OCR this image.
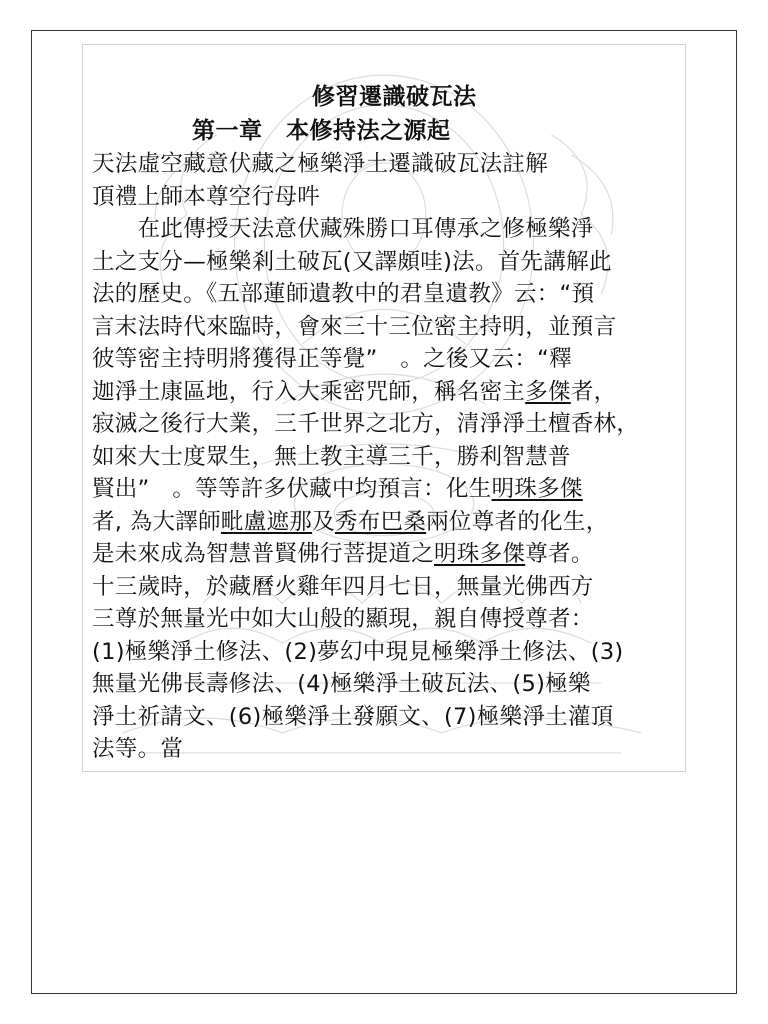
修習遷識破瓦法
第一章　本修持法之源起
天法虛空藏意伏藏之極樂淨土遷識破瓦法註解
頂禮上師本尊空行母吽
　　在此傳授天法意伏藏殊勝口耳傳承之修極樂淨
土之支分—極樂剎土破瓦(又譯頗哇)法。首先講解此
法的歷史。《五部蓮師遺教中的君皇遺教》云：“預
言末法時代來臨時，會來三十三位密主持明，並預言
彼等密主持明將獲得正等覺”　。之後又云：“釋
迦淨土康區地，行入大乘密咒師，稱名密主多傑者，
寂滅之後行大業，三千世界之北方，清淨淨土檀香林，
如來大士度眾生，無上教主導三千，勝利智慧普
賢出”　。等等許多伏藏中均預言：化生明珠多傑
者, 為大譯師毗盧遮那及秀布巴桑兩位尊者的化生，
是未來成為智慧普賢佛行菩提道之明珠多傑尊者。
十三歲時，於藏曆火雞年四月七日，無量光佛西方
三尊於無量光中如大山般的顯現，親自傳授尊者：
(1)極樂淨土修法、(2)夢幻中現見極樂淨土修法、(3)
無量光佛長壽修法、(4)極樂淨土破瓦法、(5)極樂
淨土祈請文、(6)極樂淨土發願文、(7)極樂淨土灌頂
法等。當
